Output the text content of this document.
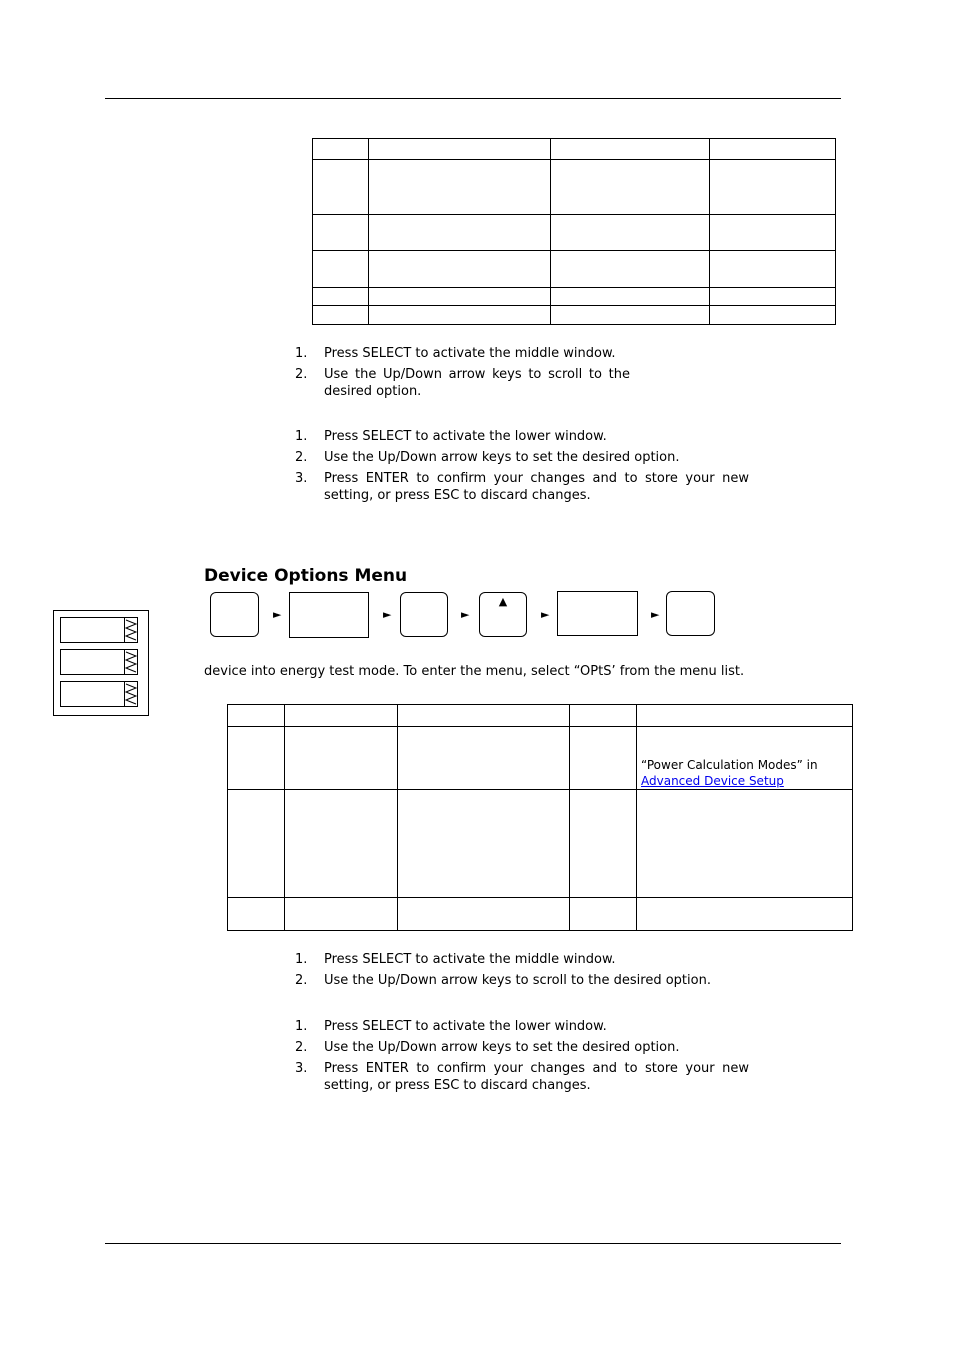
1. Press SELECT to activate the middle window.
2. Use the Up/Down arrow keys to scroll to the desired option.
1. Press SELECT to activate the lower window.
2. Use the Up/Down arrow keys to set the desired option.
3. Press ENTER to confirm your changes and to store your new setting, or press ESC to discard changes.
Device Options Menu
►	►	►
▲
►	►

device into energy test mode. To enter the menu, select “OPtS’ from the menu list.

				“Power Calculation Modes” in
Advanced Device Setup

1. Press SELECT to activate the middle window.
2. Use the Up/Down arrow keys to scroll to the desired option.
1. Press SELECT to activate the lower window.
2. Use the Up/Down arrow keys to set the desired option.
3. Press ENTER to confirm your changes and to store your new setting, or press ESC to discard changes.
